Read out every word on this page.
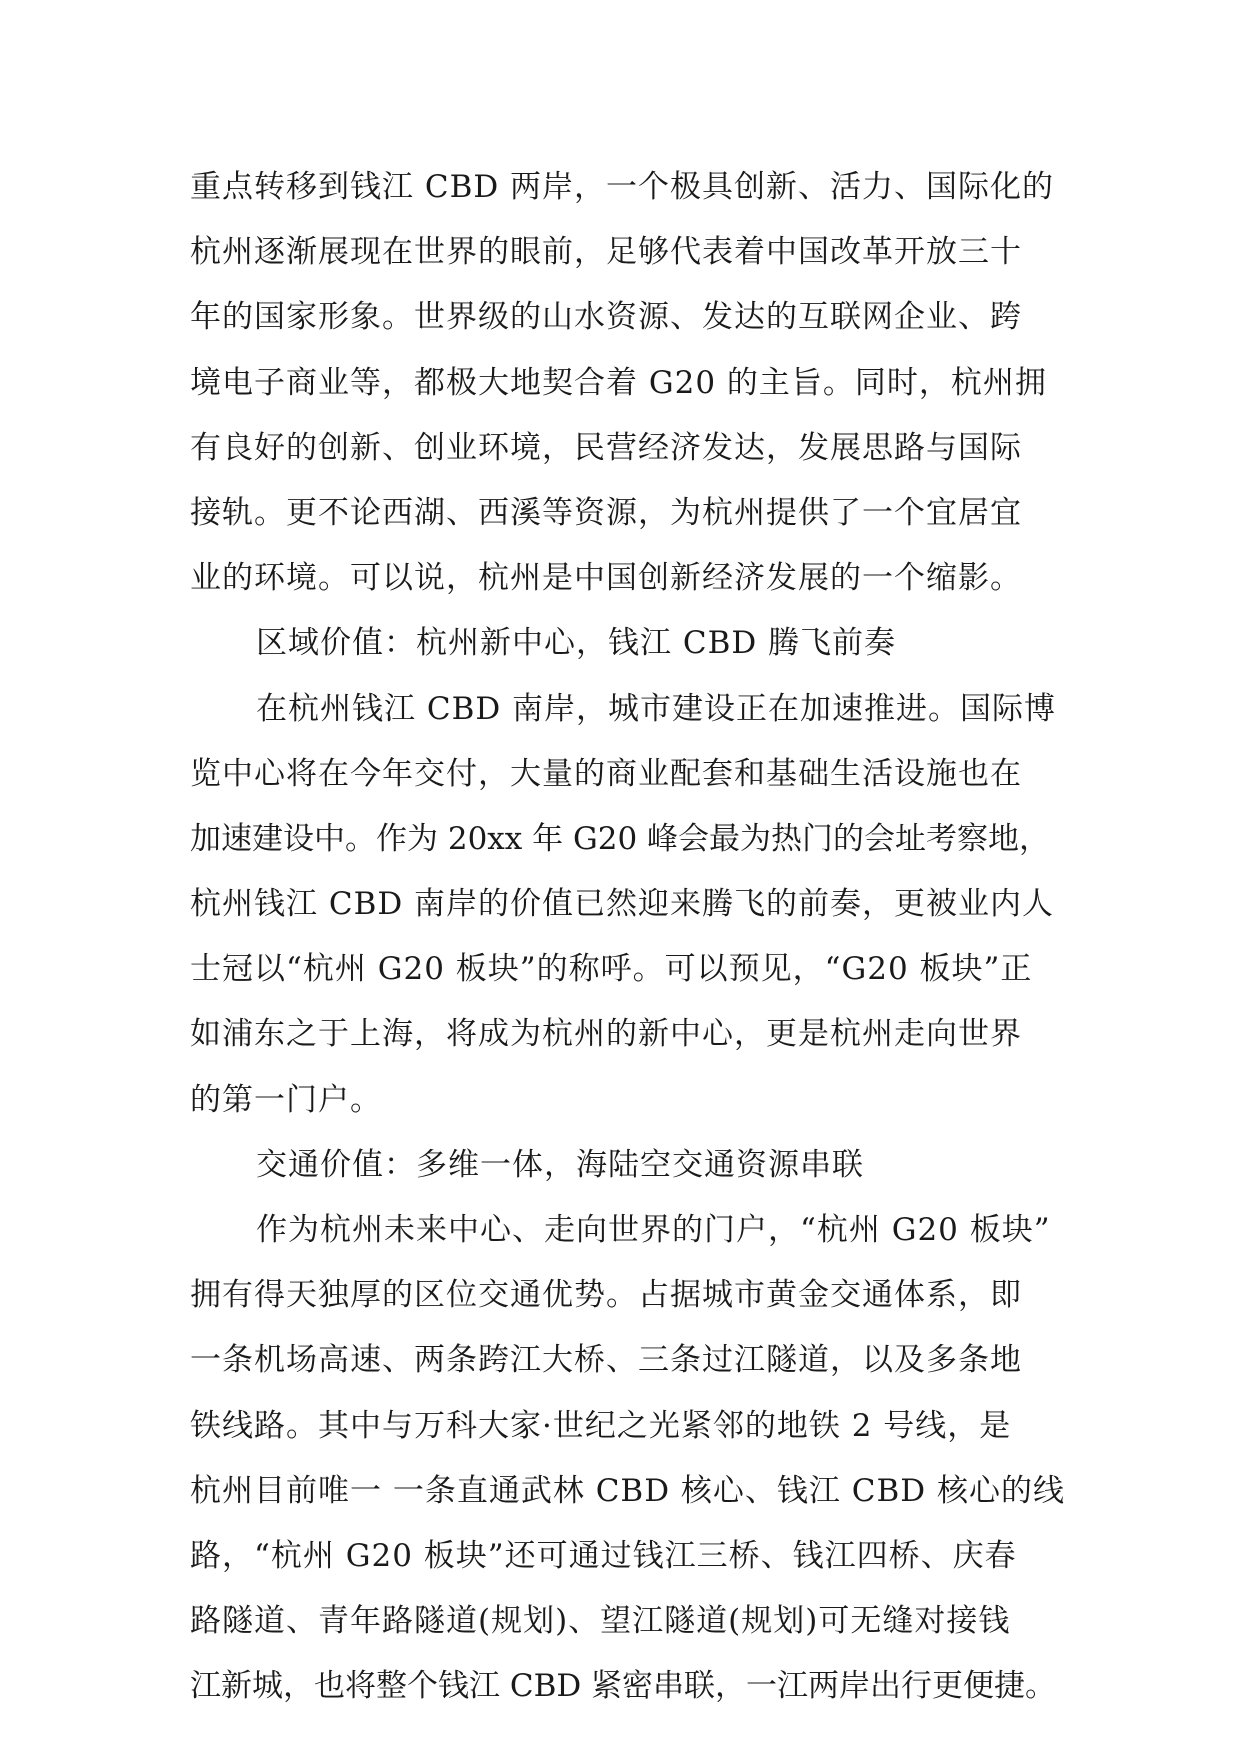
重点转移到钱江 CBD 两岸，一个极具创新、活力、国际化的
杭州逐渐展现在世界的眼前，足够代表着中国改革开放三十
年的国家形象。世界级的山水资源、发达的互联网企业、跨
境电子商业等，都极大地契合着 G20 的主旨。同时，杭州拥
有良好的创新、创业环境，民营经济发达，发展思路与国际
接轨。更不论西湖、西溪等资源，为杭州提供了一个宜居宜
业的环境。可以说，杭州是中国创新经济发展的一个缩影。
区域价值：杭州新中心，钱江 CBD 腾飞前奏
在杭州钱江 CBD 南岸，城市建设正在加速推进。国际博
览中心将在今年交付，大量的商业配套和基础生活设施也在
加速建设中。作为 20xx 年 G20 峰会最为热门的会址考察地，
杭州钱江 CBD 南岸的价值已然迎来腾飞的前奏，更被业内人
士冠以“杭州 G20 板块”的称呼。可以预见，“G20 板块”正
如浦东之于上海，将成为杭州的新中心，更是杭州走向世界
的第一门户。
交通价值：多维一体，海陆空交通资源串联
作为杭州未来中心、走向世界的门户，“杭州 G20 板块”
拥有得天独厚的区位交通优势。占据城市黄金交通体系，即
一条机场高速、两条跨江大桥、三条过江隧道，以及多条地
铁线路。其中与万科大家·世纪之光紧邻的地铁 2 号线，是
杭州目前唯一 一条直通武林 CBD 核心、钱江 CBD 核心的线
路，“杭州 G20 板块”还可通过钱江三桥、钱江四桥、庆春
路隧道、青年路隧道(规划)、望江隧道(规划)可无缝对接钱
江新城，也将整个钱江 CBD 紧密串联，一江两岸出行更便捷。
